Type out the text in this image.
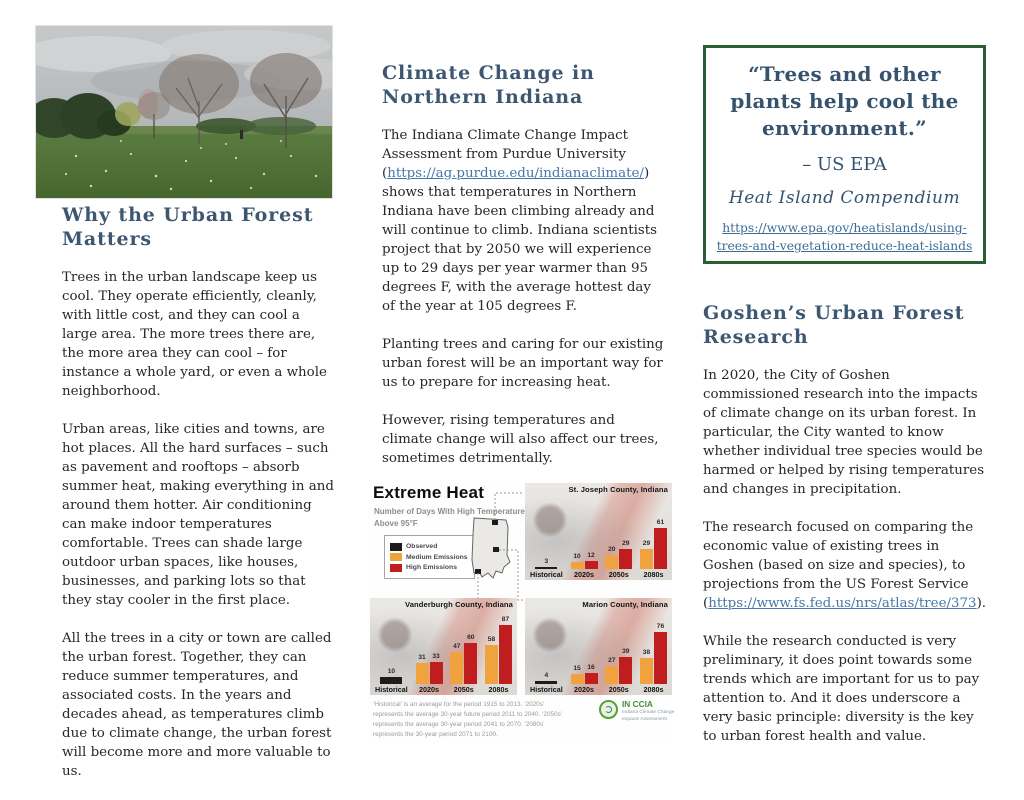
Why the Urban Forest Matters

Trees in the urban landscape keep us cool. They operate efficiently, cleanly, with little cost, and they can cool a large area. The more trees there are, the more area they can cool – for instance a whole yard, or even a whole neighborhood.

Urban areas, like cities and towns, are hot places. All the hard surfaces – such as pavement and rooftops – absorb summer heat, making everything in and around them hotter. Air conditioning can make indoor temperatures comfortable. Trees can shade large outdoor urban spaces, like houses, businesses, and parking lots so that they stay cooler in the first place.

All the trees in a city or town are called the urban forest. Together, they can reduce summer temperatures, and associated costs. In the years and decades ahead, as temperatures climb due to climate change, the urban forest will become more and more valuable to us.

Climate Change in Northern Indiana

The Indiana Climate Change Impact Assessment from Purdue University (https://ag.purdue.edu/indianaclimate/) shows that temperatures in Northern Indiana have been climbing already and will continue to climb. Indiana scientists project that by 2050 we will experience up to 29 days per year warmer than 95 degrees F, with the average hottest day of the year at 105 degrees F.

Planting trees and caring for our existing urban forest will be an important way for us to prepare for increasing heat.

However, rising temperatures and climate change will also affect our trees, sometimes detrimentally.

Extreme Heat
Number of Days With High Temperature Above 95°F
Observed
Medium Emissions
High Emissions
St. Joseph County, Indiana
3
Historical
10 12
2020s
20
29
2050s
29
61
2080s
Vanderburgh County, Indiana
10
Historical
31 33
2020s
47
60
2050s
58
87
2080s
Marion County, Indiana
4
Historical
15 16
2020s
27
39
2050s
38
76
2080s
‘Historical’ is an average for the period 1915 to 2013. ‘2020s’ represents the average 30-year future period 2011 to 2040. ‘2050s’ represents the average 30-year period 2041 to 2070. ‘2080s’ represents the 30-year period 2071 to 2100.
IN CCIA
Indiana Climate Change Impacts Assessment
“Trees and other plants help cool the environment.”
– US EPA
Heat Island Compendium
https://www.epa.gov/heatislands/using-trees-and-vegetation-reduce-heat-islands
Goshen’s Urban Forest Research

In 2020, the City of Goshen commissioned research into the impacts of climate change on its urban forest. In particular, the City wanted to know whether individual tree species would be harmed or helped by rising temperatures and changes in precipitation.

The research focused on comparing the economic value of existing trees in Goshen (based on size and species), to projections from the US Forest Service (https://www.fs.fed.us/nrs/atlas/tree/373).

While the research conducted is very preliminary, it does point towards some trends which are important for us to pay attention to. And it does underscore a very basic principle: diversity is the key to urban forest health and value.
